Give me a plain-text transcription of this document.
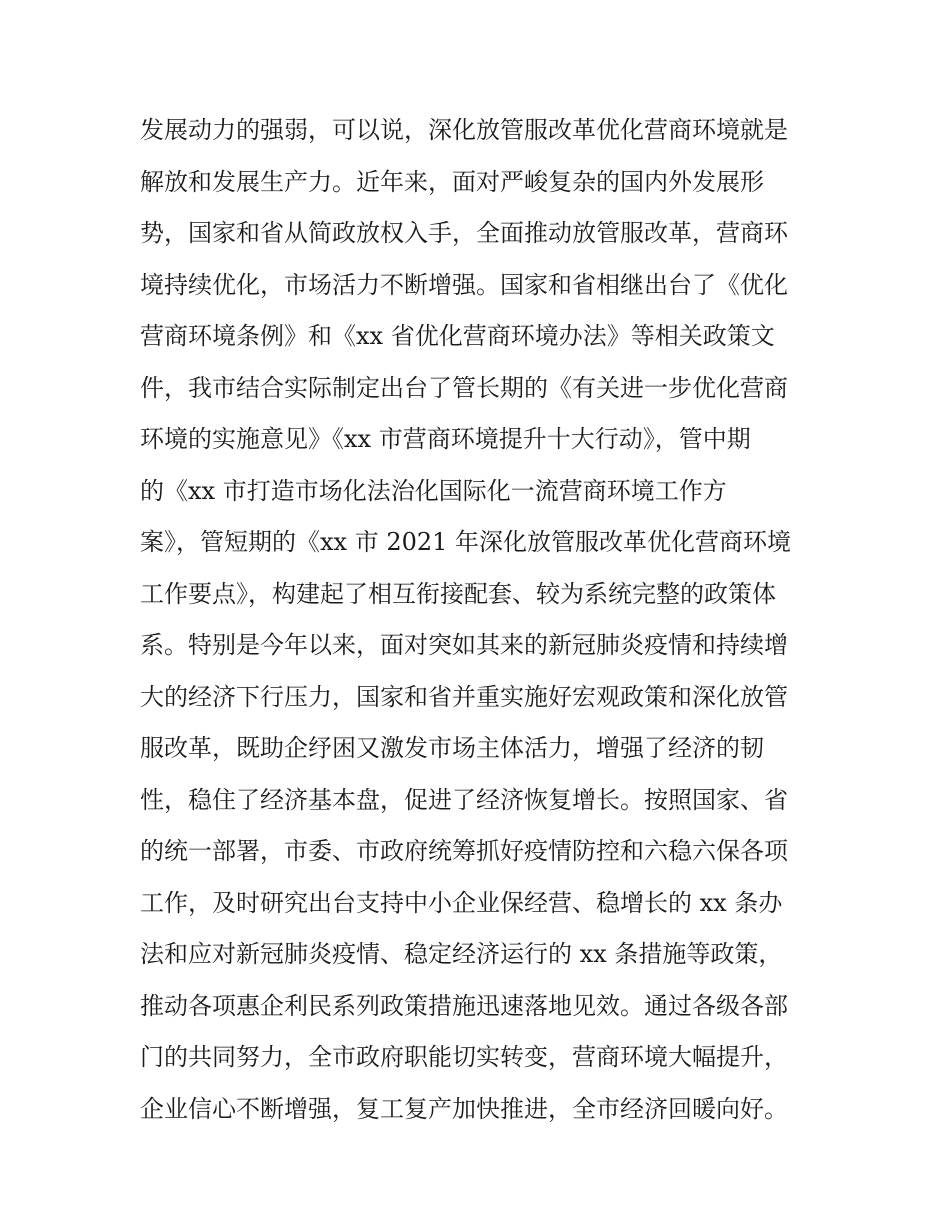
发展动力的强弱，可以说，深化放管服改革优化营商环境就是
解放和发展生产力。近年来，面对严峻复杂的国内外发展形
势，国家和省从简政放权入手，全面推动放管服改革，营商环
境持续优化，市场活力不断增强。国家和省相继出台了《优化
营商环境条例》和《xx 省优化营商环境办法》等相关政策文
件，我市结合实际制定出台了管长期的《有关进一步优化营商
环境的实施意见》《xx 市营商环境提升十大行动》，管中期
的《xx 市打造市场化法治化国际化一流营商环境工作方
案》，管短期的《xx 市 2021 年深化放管服改革优化营商环境
工作要点》，构建起了相互衔接配套、较为系统完整的政策体
系。特别是今年以来，面对突如其来的新冠肺炎疫情和持续增
大的经济下行压力，国家和省并重实施好宏观政策和深化放管
服改革，既助企纾困又激发市场主体活力，增强了经济的韧
性，稳住了经济基本盘，促进了经济恢复增长。按照国家、省
的统一部署，市委、市政府统筹抓好疫情防控和六稳六保各项
工作，及时研究出台支持中小企业保经营、稳增长的 xx 条办
法和应对新冠肺炎疫情、稳定经济运行的 xx 条措施等政策，
推动各项惠企利民系列政策措施迅速落地见效。通过各级各部
门的共同努力，全市政府职能切实转变，营商环境大幅提升，
企业信心不断增强，复工复产加快推进，全市经济回暖向好。
